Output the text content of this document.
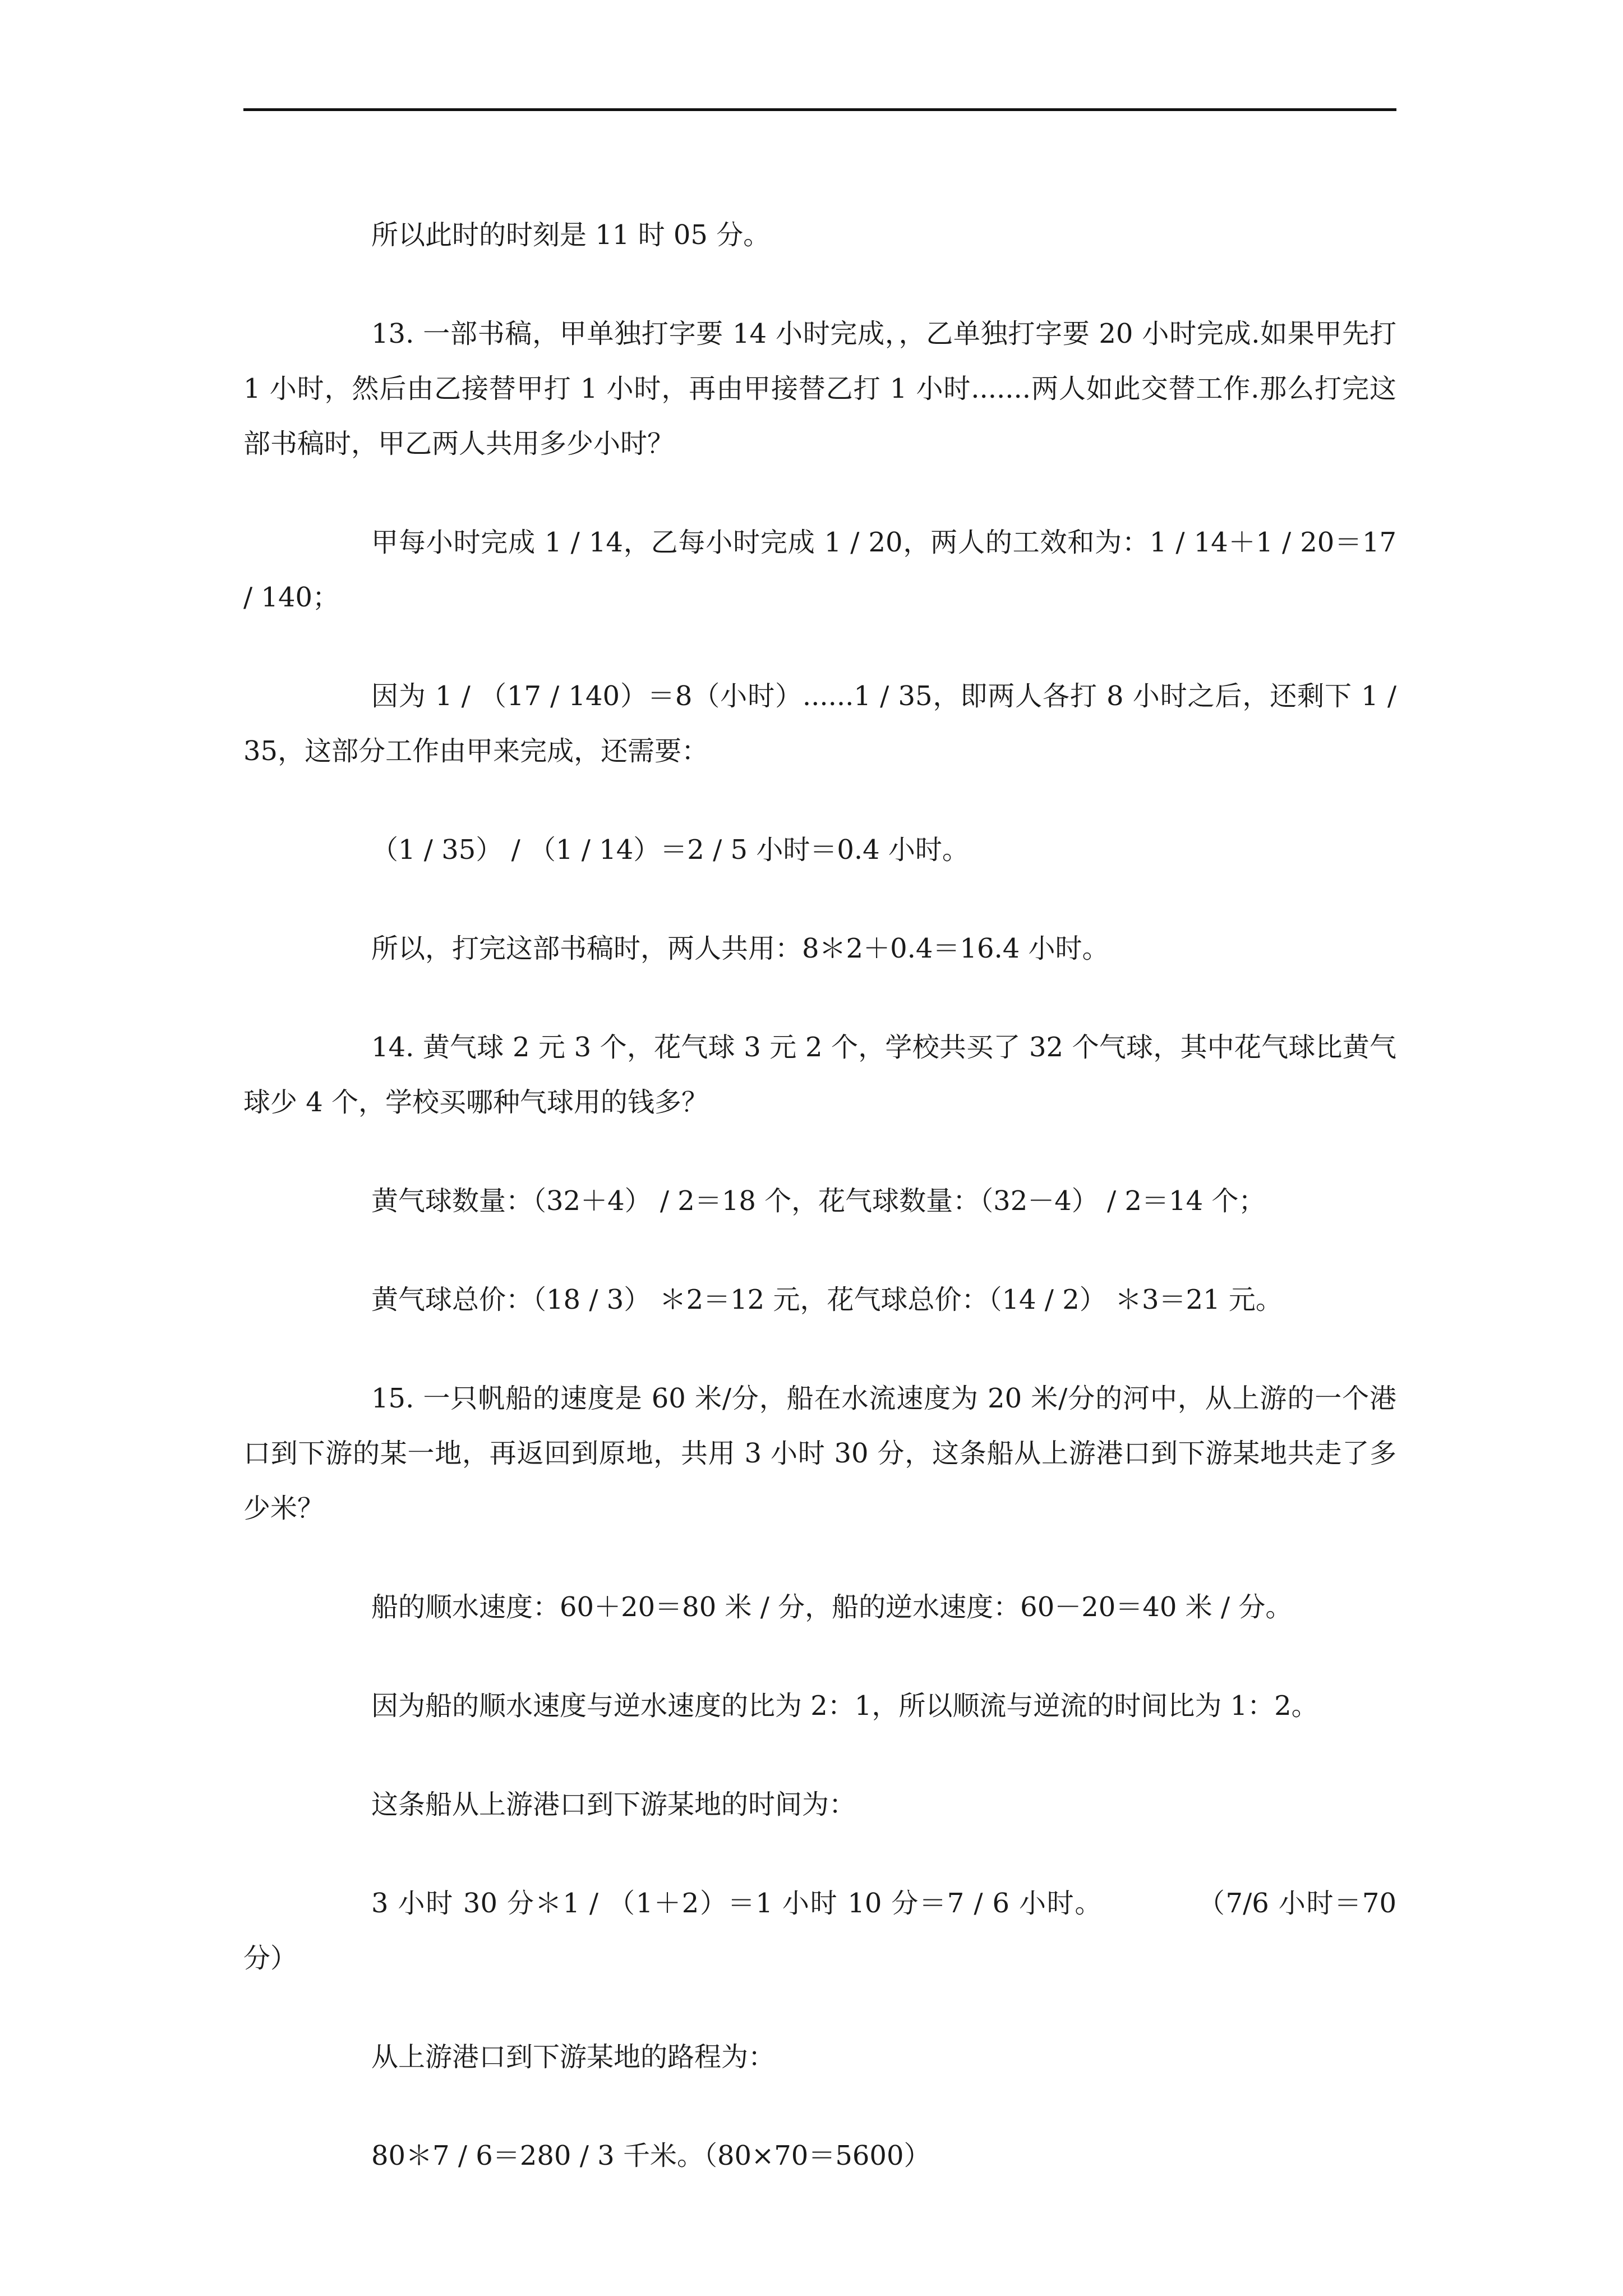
所以此时的时刻是 11 时 05 分。

13. 一部书稿，甲单独打字要 14 小时完成，，乙单独打字要 20 小时完成.如果甲先打 1 小时，然后由乙接替甲打 1 小时，再由甲接替乙打 1 小时.......两人如此交替工作.那么打完这部书稿时，甲乙两人共用多少小时？

甲每小时完成 1 / 14，乙每小时完成 1 / 20，两人的工效和为：1 / 14＋1 / 20＝17 / 140；

因为 1 / （17 / 140）＝8（小时）......1 / 35，即两人各打 8 小时之后，还剩下 1 / 35，这部分工作由甲来完成，还需要：

（1 / 35） / （1 / 14）＝2 / 5 小时＝0.4 小时。

所以，打完这部书稿时，两人共用：8＊2＋0.4＝16.4 小时。

14. 黄气球 2 元 3 个，花气球 3 元 2 个，学校共买了 32 个气球，其中花气球比黄气球少 4 个，学校买哪种气球用的钱多？

黄气球数量：（32＋4） / 2＝18 个，花气球数量：（32－4） / 2＝14 个；

黄气球总价：（18 / 3） ＊2＝12 元，花气球总价：（14 / 2） ＊3＝21 元。

15. 一只帆船的速度是 60 米/分，船在水流速度为 20 米/分的河中，从上游的一个港口到下游的某一地，再返回到原地，共用 3 小时 30 分，这条船从上游港口到下游某地共走了多少米？

船的顺水速度：60＋20＝80 米 / 分，船的逆水速度：60－20＝40 米 / 分。

因为船的顺水速度与逆水速度的比为 2：1，所以顺流与逆流的时间比为 1：2。

这条船从上游港口到下游某地的时间为：

3 小时 30 分＊1 / （1＋2）＝1 小时 10 分＝7 / 6 小时。          （7/6 小时＝70 分）

从上游港口到下游某地的路程为：

80＊7 / 6＝280 / 3 千米。（80×70＝5600）
